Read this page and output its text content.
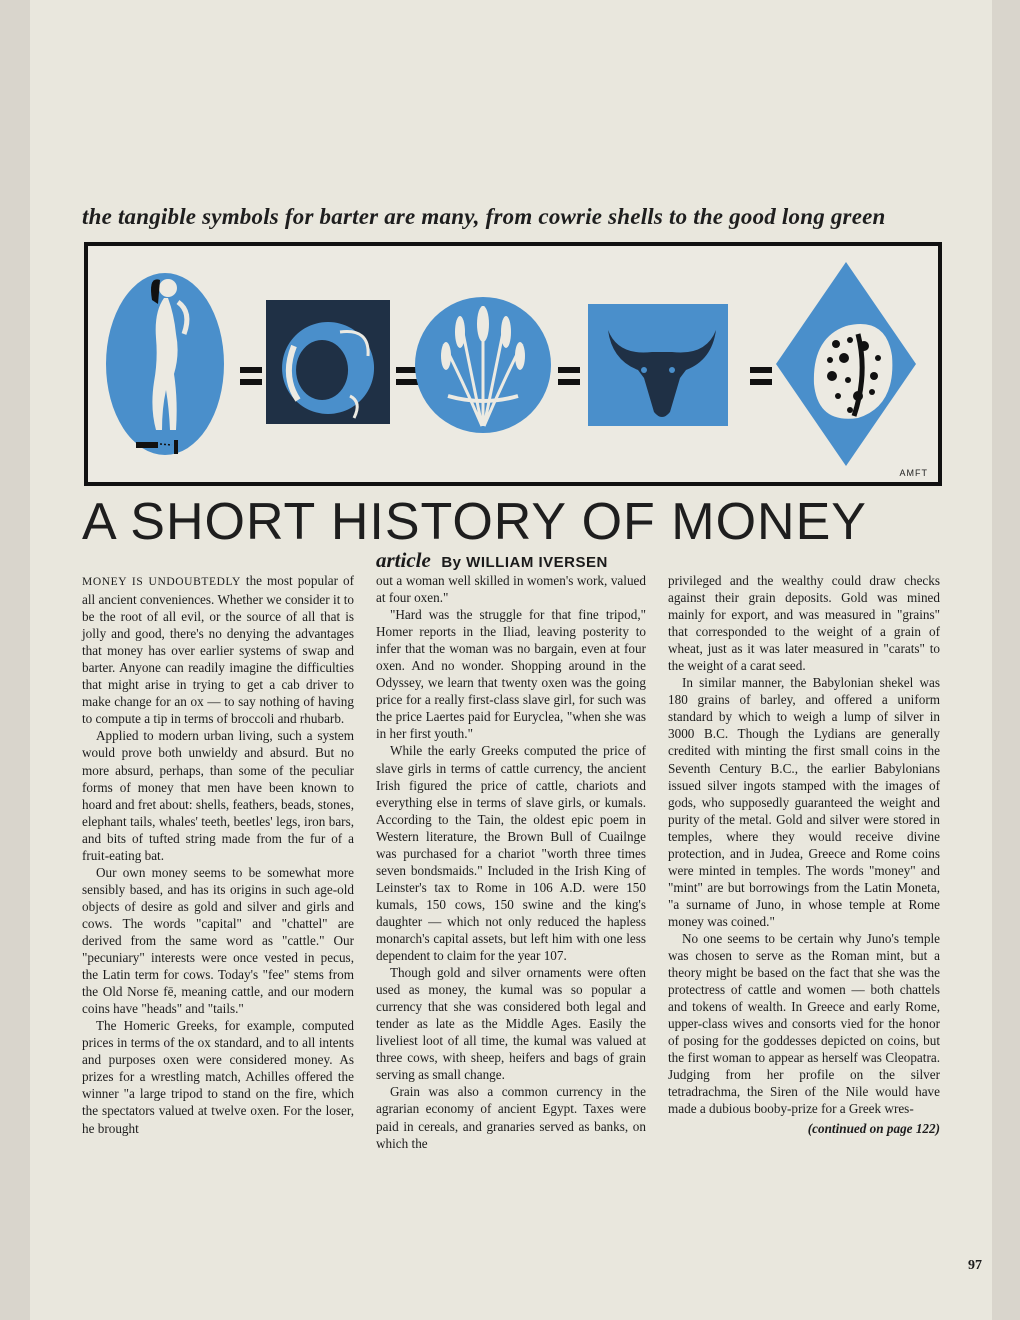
the tangible symbols for barter are many, from cowrie shells to the good long green
AMFT
A SHORT HISTORY OF MONEY
article By WILLIAM IVERSEN

MONEY IS UNDOUBTEDLY the most popular of all ancient conveniences. Whether we consider it to be the root of all evil, or the source of all that is jolly and good, there's no denying the advantages that money has over earlier systems of swap and barter. Anyone can readily imagine the difficulties that might arise in trying to get a cab driver to make change for an ox — to say nothing of having to compute a tip in terms of broccoli and rhubarb.

Applied to modern urban living, such a system would prove both unwieldy and absurd. But no more absurd, perhaps, than some of the peculiar forms of money that men have been known to hoard and fret about: shells, feathers, beads, stones, elephant tails, whales' teeth, beetles' legs, iron bars, and bits of tufted string made from the fur of a fruit-eating bat.

Our own money seems to be somewhat more sensibly based, and has its origins in such age-old objects of desire as gold and silver and girls and cows. The words "capital" and "chattel" are derived from the same word as "cattle." Our "pecuniary" interests were once vested in pecus, the Latin term for cows. Today's "fee" stems from the Old Norse fē, meaning cattle, and our modern coins have "heads" and "tails."

The Homeric Greeks, for example, computed prices in terms of the ox standard, and to all intents and purposes oxen were considered money. As prizes for a wrestling match, Achilles offered the winner "a large tripod to stand on the fire, which the spectators valued at twelve oxen. For the loser, he brought

out a woman well skilled in women's work, valued at four oxen."

"Hard was the struggle for that fine tripod," Homer reports in the Iliad, leaving posterity to infer that the woman was no bargain, even at four oxen. And no wonder. Shopping around in the Odyssey, we learn that twenty oxen was the going price for a really first-class slave girl, for such was the price Laertes paid for Euryclea, "when she was in her first youth."

While the early Greeks computed the price of slave girls in terms of cattle currency, the ancient Irish figured the price of cattle, chariots and everything else in terms of slave girls, or kumals. According to the Tain, the oldest epic poem in Western literature, the Brown Bull of Cuailnge was purchased for a chariot "worth three times seven bondsmaids." Included in the Irish King of Leinster's tax to Rome in 106 A.D. were 150 kumals, 150 cows, 150 swine and the king's daughter — which not only reduced the hapless monarch's capital assets, but left him with one less dependent to claim for the year 107.

Though gold and silver ornaments were often used as money, the kumal was so popular a currency that she was considered both legal and tender as late as the Middle Ages. Easily the liveliest loot of all time, the kumal was valued at three cows, with sheep, heifers and bags of grain serving as small change.

Grain was also a common currency in the agrarian economy of ancient Egypt. Taxes were paid in cereals, and granaries served as banks, on which the

privileged and the wealthy could draw checks against their grain deposits. Gold was mined mainly for export, and was measured in "grains" that corresponded to the weight of a grain of wheat, just as it was later measured in "carats" to the weight of a carat seed.

In similar manner, the Babylonian shekel was 180 grains of barley, and offered a uniform standard by which to weigh a lump of silver in 3000 B.C. Though the Lydians are generally credited with minting the first small coins in the Seventh Century B.C., the earlier Babylonians issued silver ingots stamped with the images of gods, who supposedly guaranteed the weight and purity of the metal. Gold and silver were stored in temples, where they would receive divine protection, and in Judea, Greece and Rome coins were minted in temples. The words "money" and "mint" are but borrowings from the Latin Moneta, "a surname of Juno, in whose temple at Rome money was coined."

No one seems to be certain why Juno's temple was chosen to serve as the Roman mint, but a theory might be based on the fact that she was the protectress of cattle and women — both chattels and tokens of wealth. In Greece and early Rome, upper-class wives and consorts vied for the honor of posing for the goddesses depicted on coins, but the first woman to appear as herself was Cleopatra. Judging from her profile on the silver tetradrachma, the Siren of the Nile would have made a dubious booby-prize for a Greek wres-

(continued on page 122)

97
